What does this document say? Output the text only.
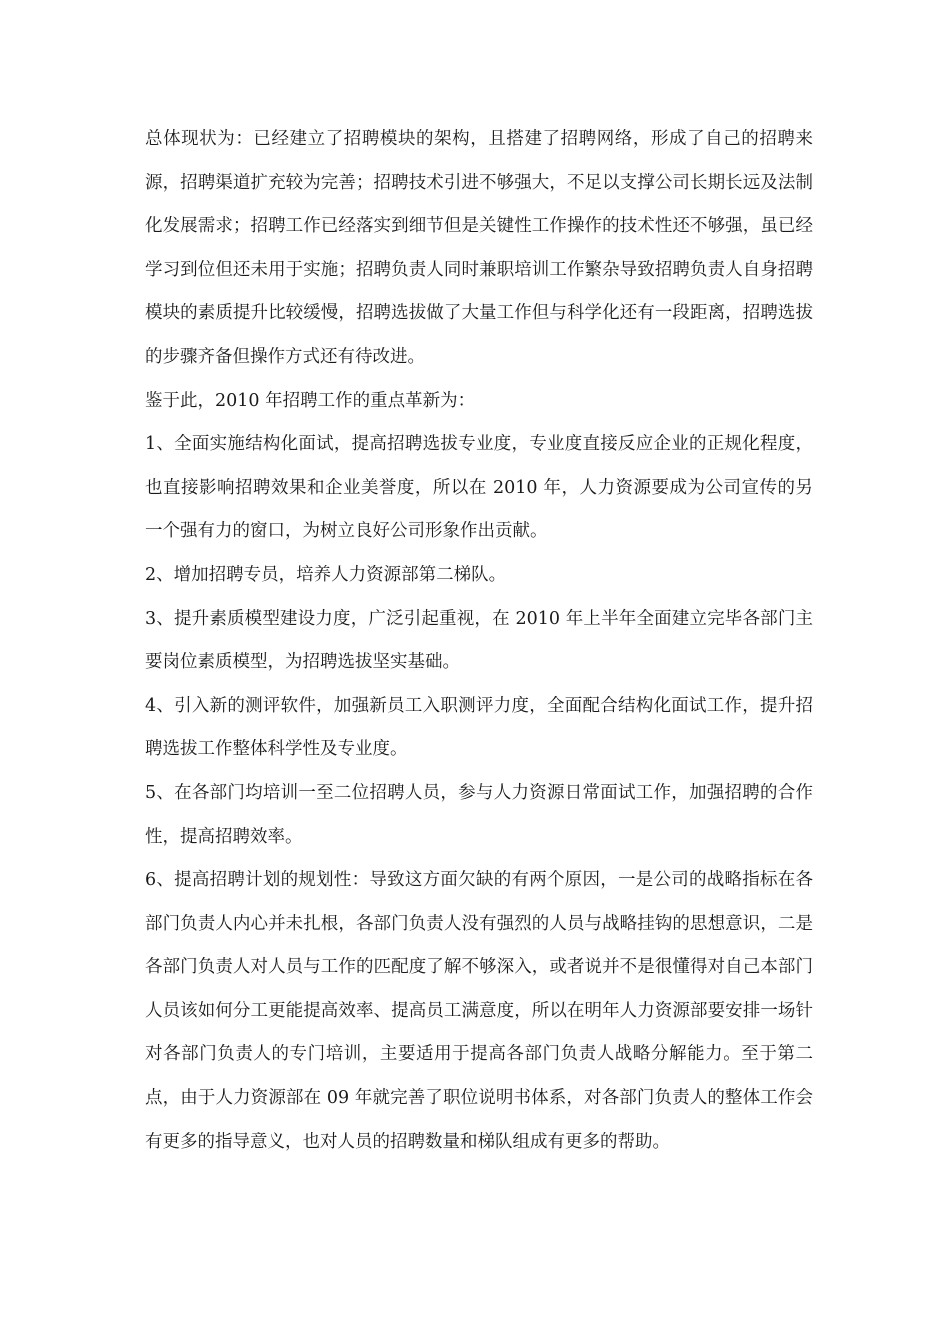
总体现状为：已经建立了招聘模块的架构，且搭建了招聘网络，形成了自己的招聘来源，招聘渠道扩充较为完善；招聘技术引进不够强大，不足以支撑公司长期长远及法制化发展需求；招聘工作已经落实到细节但是关键性工作操作的技术性还不够强，虽已经学习到位但还未用于实施；招聘负责人同时兼职培训工作繁杂导致招聘负责人自身招聘模块的素质提升比较缓慢，招聘选拔做了大量工作但与科学化还有一段距离，招聘选拔的步骤齐备但操作方式还有待改进。

鉴于此，2010 年招聘工作的重点革新为：

1、全面实施结构化面试，提高招聘选拔专业度，专业度直接反应企业的正规化程度，也直接影响招聘效果和企业美誉度，所以在 2010 年，人力资源要成为公司宣传的另一个强有力的窗口，为树立良好公司形象作出贡献。

2、增加招聘专员，培养人力资源部第二梯队。

3、提升素质模型建设力度，广泛引起重视，在 2010 年上半年全面建立完毕各部门主要岗位素质模型，为招聘选拔坚实基础。

4、引入新的测评软件，加强新员工入职测评力度，全面配合结构化面试工作，提升招聘选拔工作整体科学性及专业度。

5、在各部门均培训一至二位招聘人员，参与人力资源日常面试工作，加强招聘的合作性，提高招聘效率。

6、提高招聘计划的规划性：导致这方面欠缺的有两个原因，一是公司的战略指标在各部门负责人内心并未扎根，各部门负责人没有强烈的人员与战略挂钩的思想意识，二是各部门负责人对人员与工作的匹配度了解不够深入，或者说并不是很懂得对自己本部门人员该如何分工更能提高效率、提高员工满意度，所以在明年人力资源部要安排一场针对各部门负责人的专门培训，主要适用于提高各部门负责人战略分解能力。至于第二点，由于人力资源部在 09 年就完善了职位说明书体系，对各部门负责人的整体工作会有更多的指导意义，也对人员的招聘数量和梯队组成有更多的帮助。
